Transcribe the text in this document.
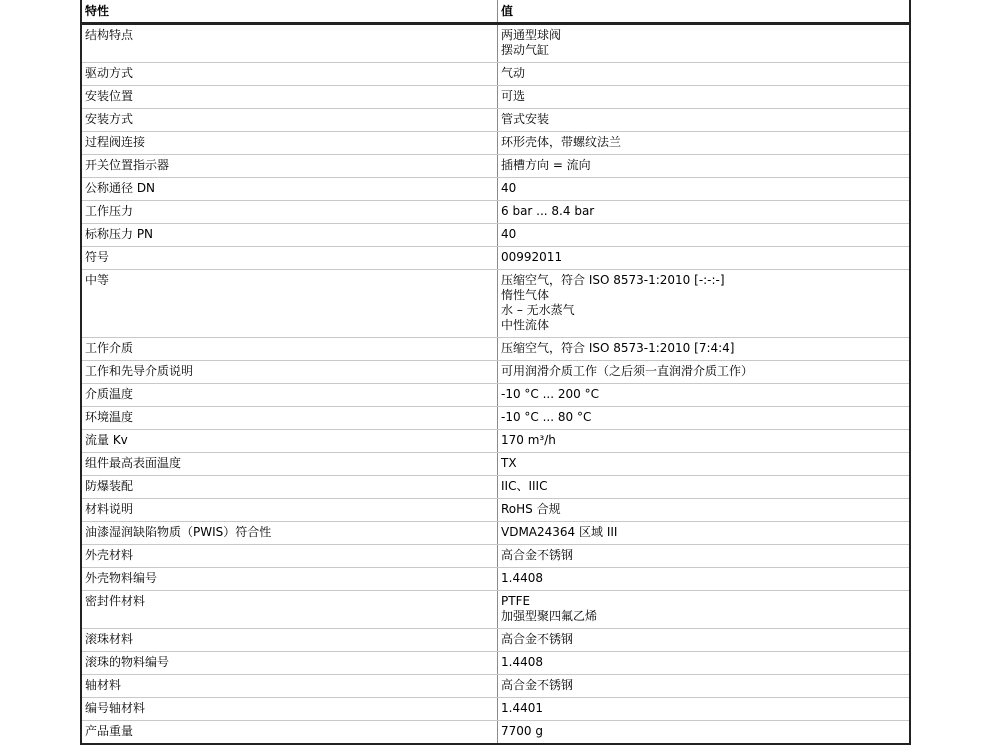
特性	值
结构特点	两通型球阀
摆动气缸

驱动方式	气动

安装位置	可选

安装方式	管式安装

过程阀连接	环形壳体，带螺纹法兰

开关位置指示器	插槽方向 = 流向

公称通径 DN	40

工作压力	6 bar ... 8.4 bar

标称压力 PN	40

符号	00992011

中等	压缩空气，符合 ISO 8573-1:2010 [-:-:-]
惰性气体
水 – 无水蒸气
中性流体

工作介质	压缩空气，符合 ISO 8573-1:2010 [7:4:4]

工作和先导介质说明	可用润滑介质工作（之后须一直润滑介质工作）

介质温度	-10 °C ... 200 °C

环境温度	-10 °C ... 80 °C

流量 Kv	170 m³/h

组件最高表面温度	TX

防爆装配	IIC、IIIC

材料说明	RoHS 合规

油漆湿润缺陷物质（PWIS）符合性	VDMA24364 区域 III

外壳材料	高合金不锈钢

外壳物料编号	1.4408

密封件材料	PTFE
加强型聚四氟乙烯

滚珠材料	高合金不锈钢

滚珠的物料编号	1.4408

轴材料	高合金不锈钢

编号轴材料	1.4401

产品重量	7700 g
